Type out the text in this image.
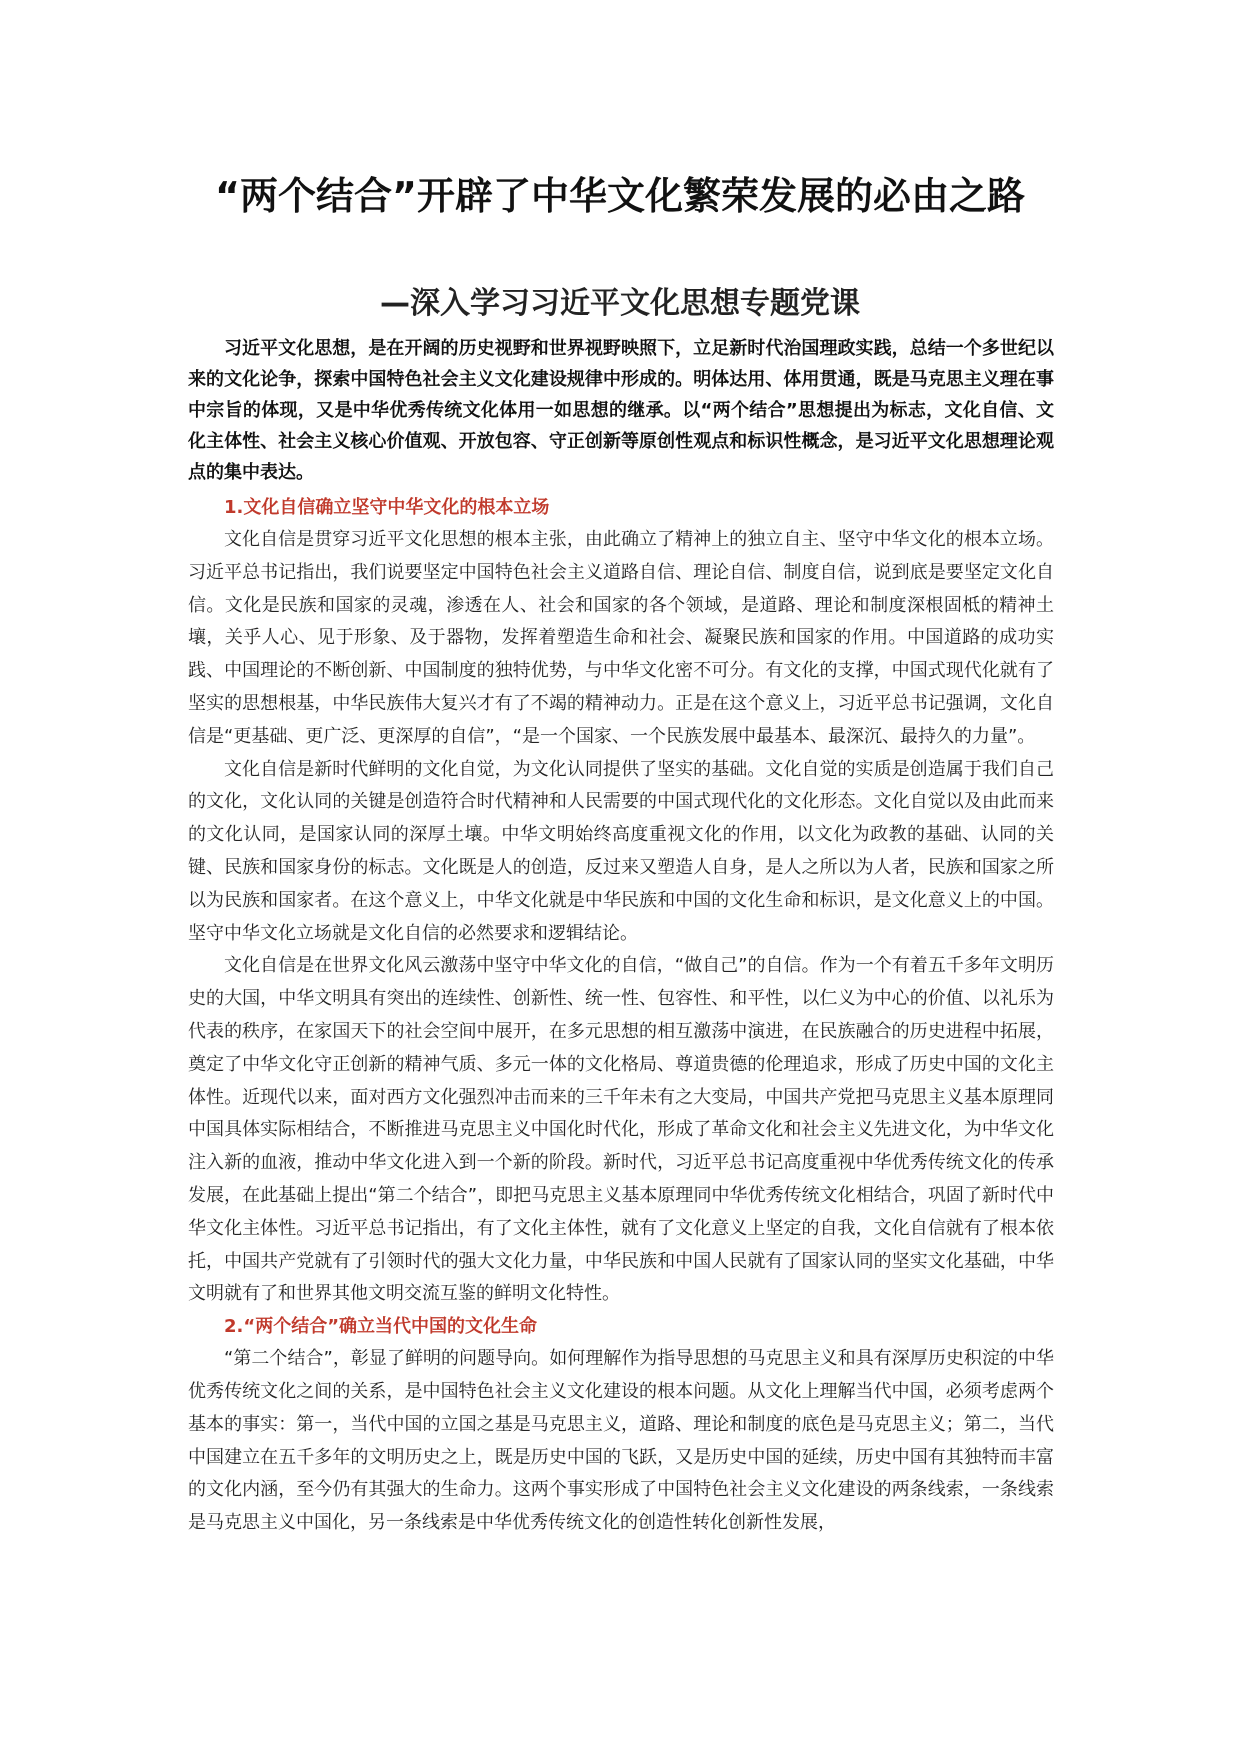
“两个结合”开辟了中华文化繁荣发展的必由之路
—深入学习习近平文化思想专题党课

习近平文化思想，是在开阔的历史视野和世界视野映照下，立足新时代治国理政实践，总结一个多世纪以来的文化论争，探索中国特色社会主义文化建设规律中形成的。明体达用、体用贯通，既是马克思主义理在事中宗旨的体现，又是中华优秀传统文化体用一如思想的继承。以“两个结合”思想提出为标志，文化自信、文化主体性、社会主义核心价值观、开放包容、守正创新等原创性观点和标识性概念，是习近平文化思想理论观点的集中表达。

1.文化自信确立坚守中华文化的根本立场

文化自信是贯穿习近平文化思想的根本主张，由此确立了精神上的独立自主、坚守中华文化的根本立场。习近平总书记指出，我们说要坚定中国特色社会主义道路自信、理论自信、制度自信，说到底是要坚定文化自信。文化是民族和国家的灵魂，渗透在人、社会和国家的各个领域，是道路、理论和制度深根固柢的精神土壤，关乎人心、见于形象、及于器物，发挥着塑造生命和社会、凝聚民族和国家的作用。中国道路的成功实践、中国理论的不断创新、中国制度的独特优势，与中华文化密不可分。有文化的支撑，中国式现代化就有了坚实的思想根基，中华民族伟大复兴才有了不竭的精神动力。正是在这个意义上，习近平总书记强调，文化自信是“更基础、更广泛、更深厚的自信”，“是一个国家、一个民族发展中最基本、最深沉、最持久的力量”。

文化自信是新时代鲜明的文化自觉，为文化认同提供了坚实的基础。文化自觉的实质是创造属于我们自己的文化，文化认同的关键是创造符合时代精神和人民需要的中国式现代化的文化形态。文化自觉以及由此而来的文化认同，是国家认同的深厚土壤。中华文明始终高度重视文化的作用，以文化为政教的基础、认同的关键、民族和国家身份的标志。文化既是人的创造，反过来又塑造人自身，是人之所以为人者，民族和国家之所以为民族和国家者。在这个意义上，中华文化就是中华民族和中国的文化生命和标识，是文化意义上的中国。坚守中华文化立场就是文化自信的必然要求和逻辑结论。

文化自信是在世界文化风云激荡中坚守中华文化的自信，“做自己”的自信。作为一个有着五千多年文明历史的大国，中华文明具有突出的连续性、创新性、统一性、包容性、和平性，以仁义为中心的价值、以礼乐为代表的秩序，在家国天下的社会空间中展开，在多元思想的相互激荡中演进，在民族融合的历史进程中拓展，奠定了中华文化守正创新的精神气质、多元一体的文化格局、尊道贵德的伦理追求，形成了历史中国的文化主体性。近现代以来，面对西方文化强烈冲击而来的三千年未有之大变局，中国共产党把马克思主义基本原理同中国具体实际相结合，不断推进马克思主义中国化时代化，形成了革命文化和社会主义先进文化，为中华文化注入新的血液，推动中华文化进入到一个新的阶段。新时代，习近平总书记高度重视中华优秀传统文化的传承发展，在此基础上提出“第二个结合”，即把马克思主义基本原理同中华优秀传统文化相结合，巩固了新时代中华文化主体性。习近平总书记指出，有了文化主体性，就有了文化意义上坚定的自我，文化自信就有了根本依托，中国共产党就有了引领时代的强大文化力量，中华民族和中国人民就有了国家认同的坚实文化基础，中华文明就有了和世界其他文明交流互鉴的鲜明文化特性。

2.“两个结合”确立当代中国的文化生命

“第二个结合”，彰显了鲜明的问题导向。如何理解作为指导思想的马克思主义和具有深厚历史积淀的中华优秀传统文化之间的关系，是中国特色社会主义文化建设的根本问题。从文化上理解当代中国，必须考虑两个基本的事实：第一，当代中国的立国之基是马克思主义，道路、理论和制度的底色是马克思主义；第二，当代中国建立在五千多年的文明历史之上，既是历史中国的飞跃，又是历史中国的延续，历史中国有其独特而丰富的文化内涵，至今仍有其强大的生命力。这两个事实形成了中国特色社会主义文化建设的两条线索，一条线索是马克思主义中国化，另一条线索是中华优秀传统文化的创造性转化创新性发展，
